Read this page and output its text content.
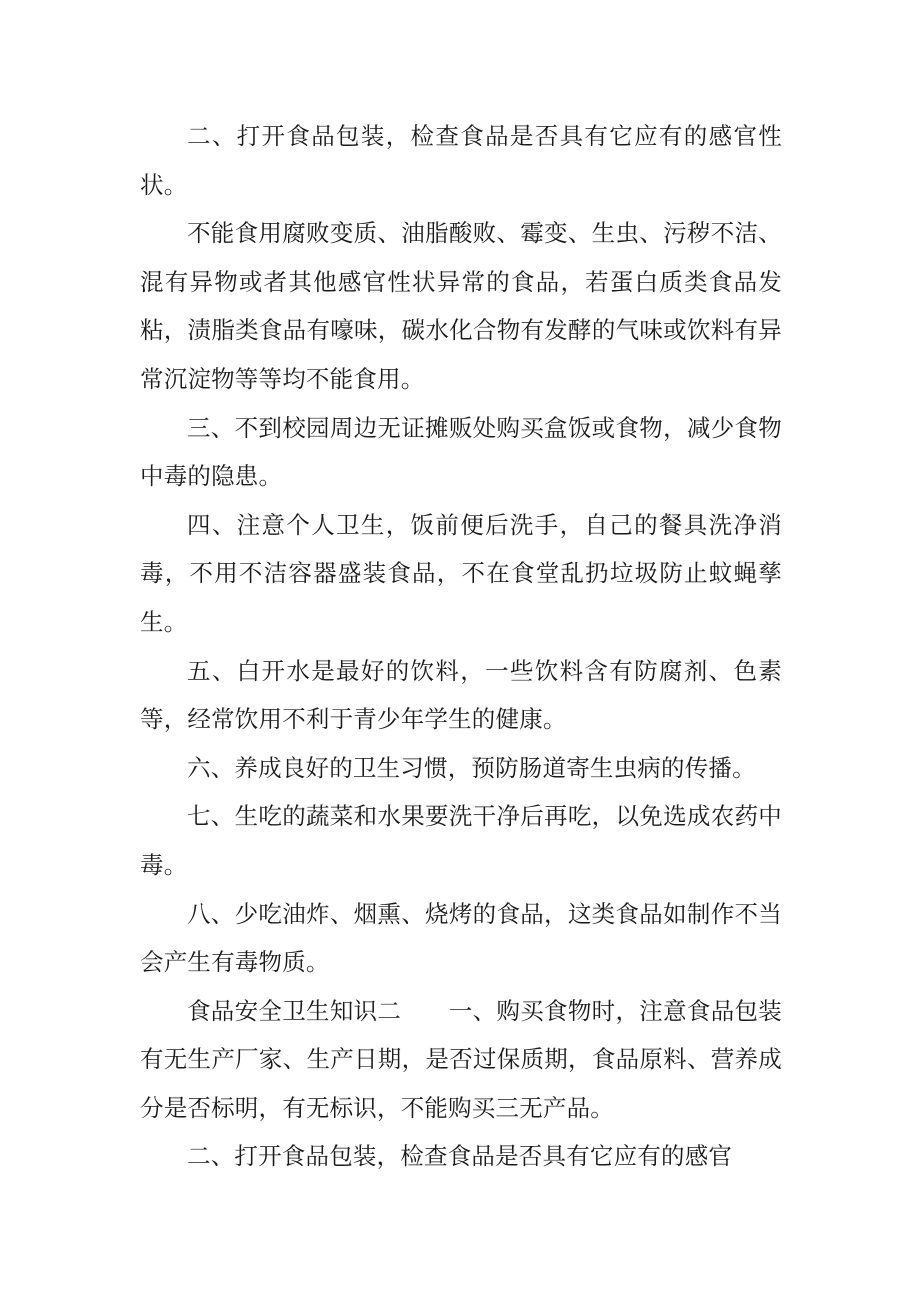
二、打开食品包装，检查食品是否具有它应有的感官性状。

不能食用腐败变质、油脂酸败、霉变、生虫、污秽不洁、混有异物或者其他感官性状异常的食品，若蛋白质类食品发粘，渍脂类食品有嚎味，碳水化合物有发酵的气味或饮料有异常沉淀物等等均不能食用。

三、不到校园周边无证摊贩处购买盒饭或食物，减少食物中毒的隐患。

四、注意个人卫生，饭前便后洗手，自己的餐具洗净消毒，不用不洁容器盛装食品，不在食堂乱扔垃圾防止蚊蝇孳生。

五、白开水是最好的饮料，一些饮料含有防腐剂、色素等，经常饮用不利于青少年学生的健康。

六、养成良好的卫生习惯，预防肠道寄生虫病的传播。

七、生吃的蔬菜和水果要洗干净后再吃，以免选成农药中毒。

八、少吃油炸、烟熏、烧烤的食品，这类食品如制作不当会产生有毒物质。

食品安全卫生知识二　　一、购买食物时，注意食品包装有无生产厂家、生产日期，是否过保质期，食品原料、营养成分是否标明，有无标识，不能购买三无产品。

二、打开食品包装，检查食品是否具有它应有的感官
